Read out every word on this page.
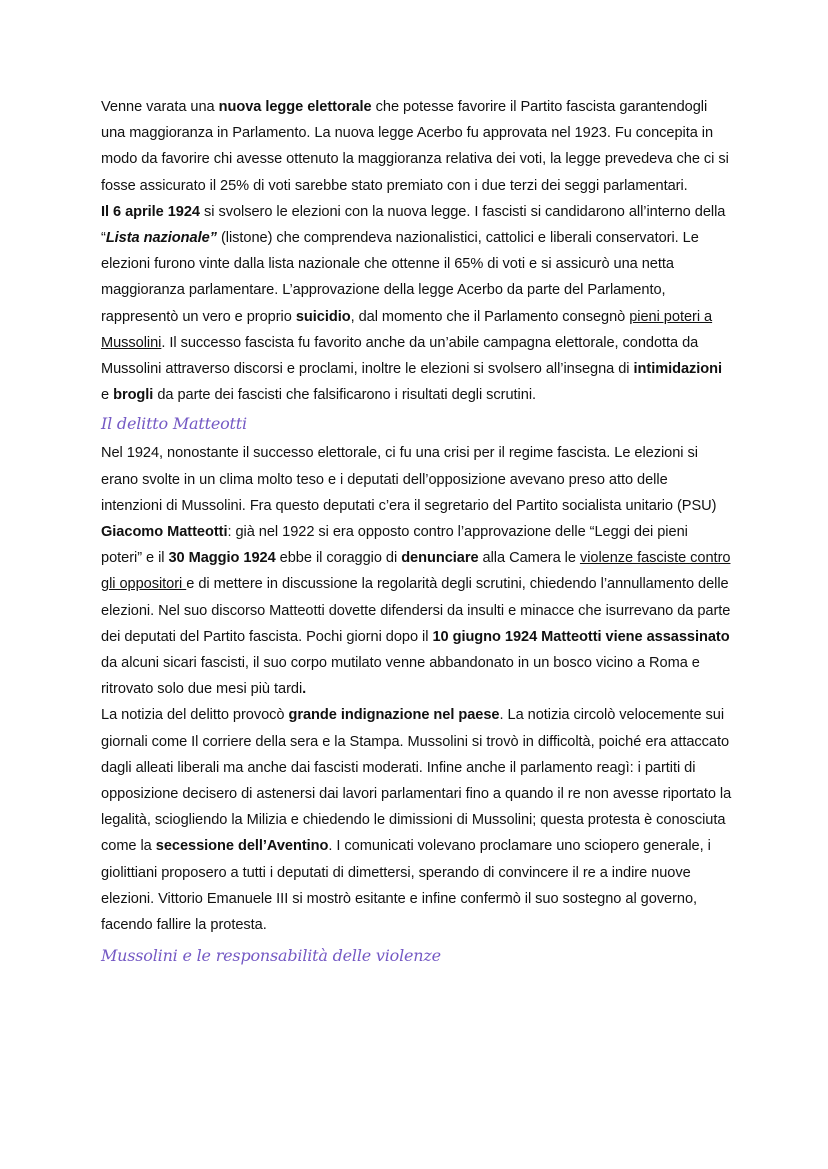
Venne varata una nuova legge elettorale che potesse favorire il Partito fascista garantendogli una maggioranza in Parlamento. La nuova legge Acerbo fu approvata nel 1923. Fu concepita in modo da favorire chi avesse ottenuto la maggioranza relativa dei voti, la legge prevedeva che ci si fosse assicurato il 25% di voti sarebbe stato premiato con i due terzi dei seggi parlamentari.

Il 6 aprile 1924 si svolsero le elezioni con la nuova legge. I fascisti si candidarono all’interno della “Lista nazionale” (listone) che comprendeva nazionalistici, cattolici e liberali conservatori. Le elezioni furono vinte dalla lista nazionale che ottenne il 65% di voti e si assicurò una netta maggioranza parlamentare. L’approvazione della legge Acerbo da parte del Parlamento, rappresentò un vero e proprio suicidio, dal momento che il Parlamento consegnò pieni poteri a Mussolini. Il successo fascista fu favorito anche da un’abile campagna elettorale, condotta da Mussolini attraverso discorsi e proclami, inoltre le elezioni si svolsero all’insegna di intimidazioni e brogli da parte dei fascisti che falsificarono i risultati degli scrutini.

Il delitto Matteotti

Nel 1924, nonostante il successo elettorale, ci fu una crisi per il regime fascista. Le elezioni si erano svolte in un clima molto teso e i deputati dell’opposizione avevano preso atto delle intenzioni di Mussolini. Fra questo deputati c’era il segretario del Partito socialista unitario (PSU) Giacomo Matteotti: già nel 1922 si era opposto contro l’approvazione delle “Leggi dei pieni poteri” e il 30 Maggio 1924 ebbe il coraggio di denunciare alla Camera le violenze fasciste contro gli oppositori e di mettere in discussione la regolarità degli scrutini, chiedendo l’annullamento delle elezioni. Nel suo discorso Matteotti dovette difendersi da insulti e minacce che isurrevano da parte dei deputati del Partito fascista. Pochi giorni dopo il 10 giugno 1924 Matteotti viene assassinato da alcuni sicari fascisti, il suo corpo mutilato venne abbandonato in un bosco vicino a Roma e ritrovato solo due mesi più tardi.

La notizia del delitto provocò grande indignazione nel paese. La notizia circolò velocemente sui giornali come Il corriere della sera e la Stampa. Mussolini si trovò in difficoltà, poiché era attaccato dagli alleati liberali ma anche dai fascisti moderati. Infine anche il parlamento reagì: i partiti di opposizione decisero di astenersi dai lavori parlamentari fino a quando il re non avesse riportato la legalità, sciogliendo la Milizia e chiedendo le dimissioni di Mussolini; questa protesta è conosciuta come la secessione dell’Aventino. I comunicati volevano proclamare uno sciopero generale, i giolittiani proposero a tutti i deputati di dimettersi, sperando di convincere il re a indire nuove elezioni. Vittorio Emanuele III si mostrò esitante e infine confermò il suo sostegno al governo, facendo fallire la protesta.

Mussolini e le responsabilità delle violenze
